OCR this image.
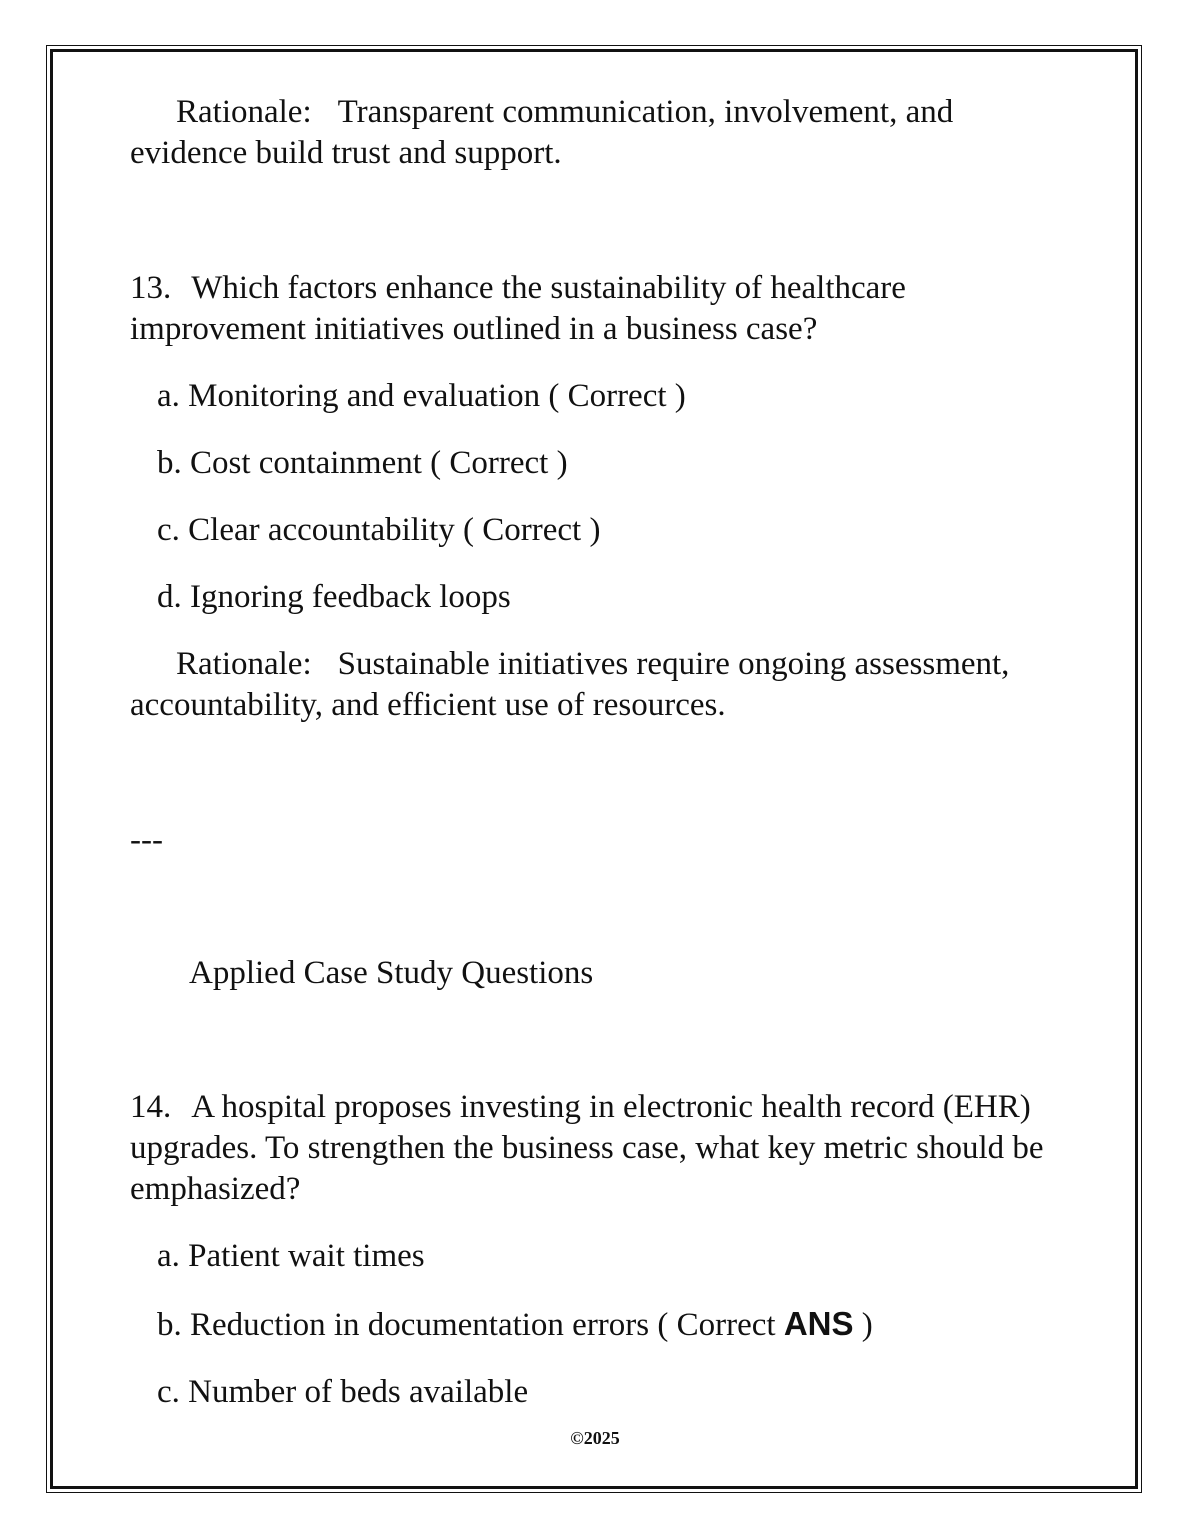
Rationale: Transparent communication, involvement, and evidence build trust and support.

13. Which factors enhance the sustainability of healthcare improvement initiatives outlined in a business case?

a. Monitoring and evaluation ( Correct )

b. Cost containment ( Correct )

c. Clear accountability ( Correct )

d. Ignoring feedback loops

Rationale: Sustainable initiatives require ongoing assessment, accountability, and efficient use of resources.

---

Applied Case Study Questions

14. A hospital proposes investing in electronic health record (EHR) upgrades. To strengthen the business case, what key metric should be emphasized?

a. Patient wait times

b. Reduction in documentation errors ( Correct ANS )

c. Number of beds available

©2025
